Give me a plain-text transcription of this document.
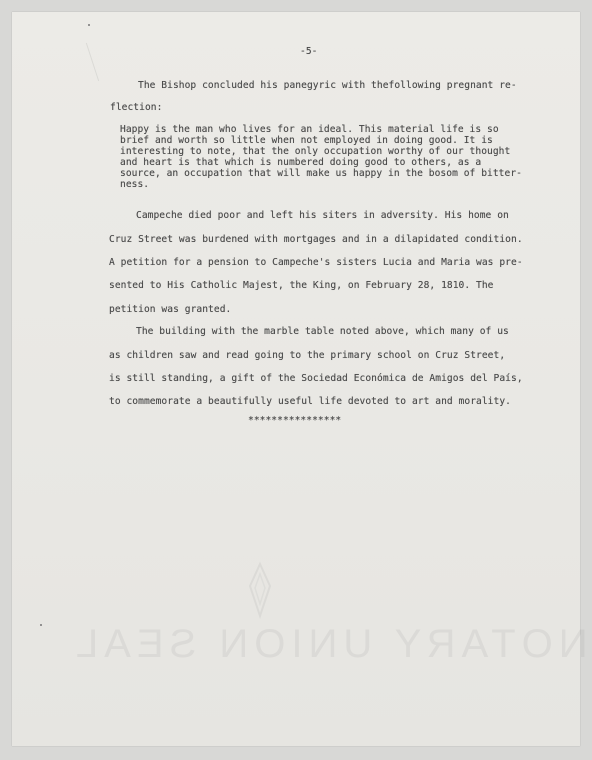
-5-
The Bishop concluded his panegyric with thefollowing pregnant re-
flection:
Happy is the man who lives for an ideal. This material life is so
brief and worth so little when not employed in doing good. It is
interesting to note, that the only occupation worthy of our thought
and heart is that which is numbered doing good to others, as a
source, an occupation that will make us happy in the bosom of bitter-
ness.
Campeche died poor and left his siters in adversity. His home on
Cruz Street was burdened with mortgages and in a dilapidated condition.
A petition for a pension to Campeche's sisters Lucia and Maria was pre-
sented to His Catholic Majest, the King, on February 28, 1810. The
petition was granted.
The building with the marble table noted above, which many of us
as children saw and read going to the primary school on Cruz Street,
is still standing, a gift of the Sociedad Económica de Amigos del País,
to commemorate a beautifully useful life devoted to art and morality.
****************
NOTARY UNION SEAL
